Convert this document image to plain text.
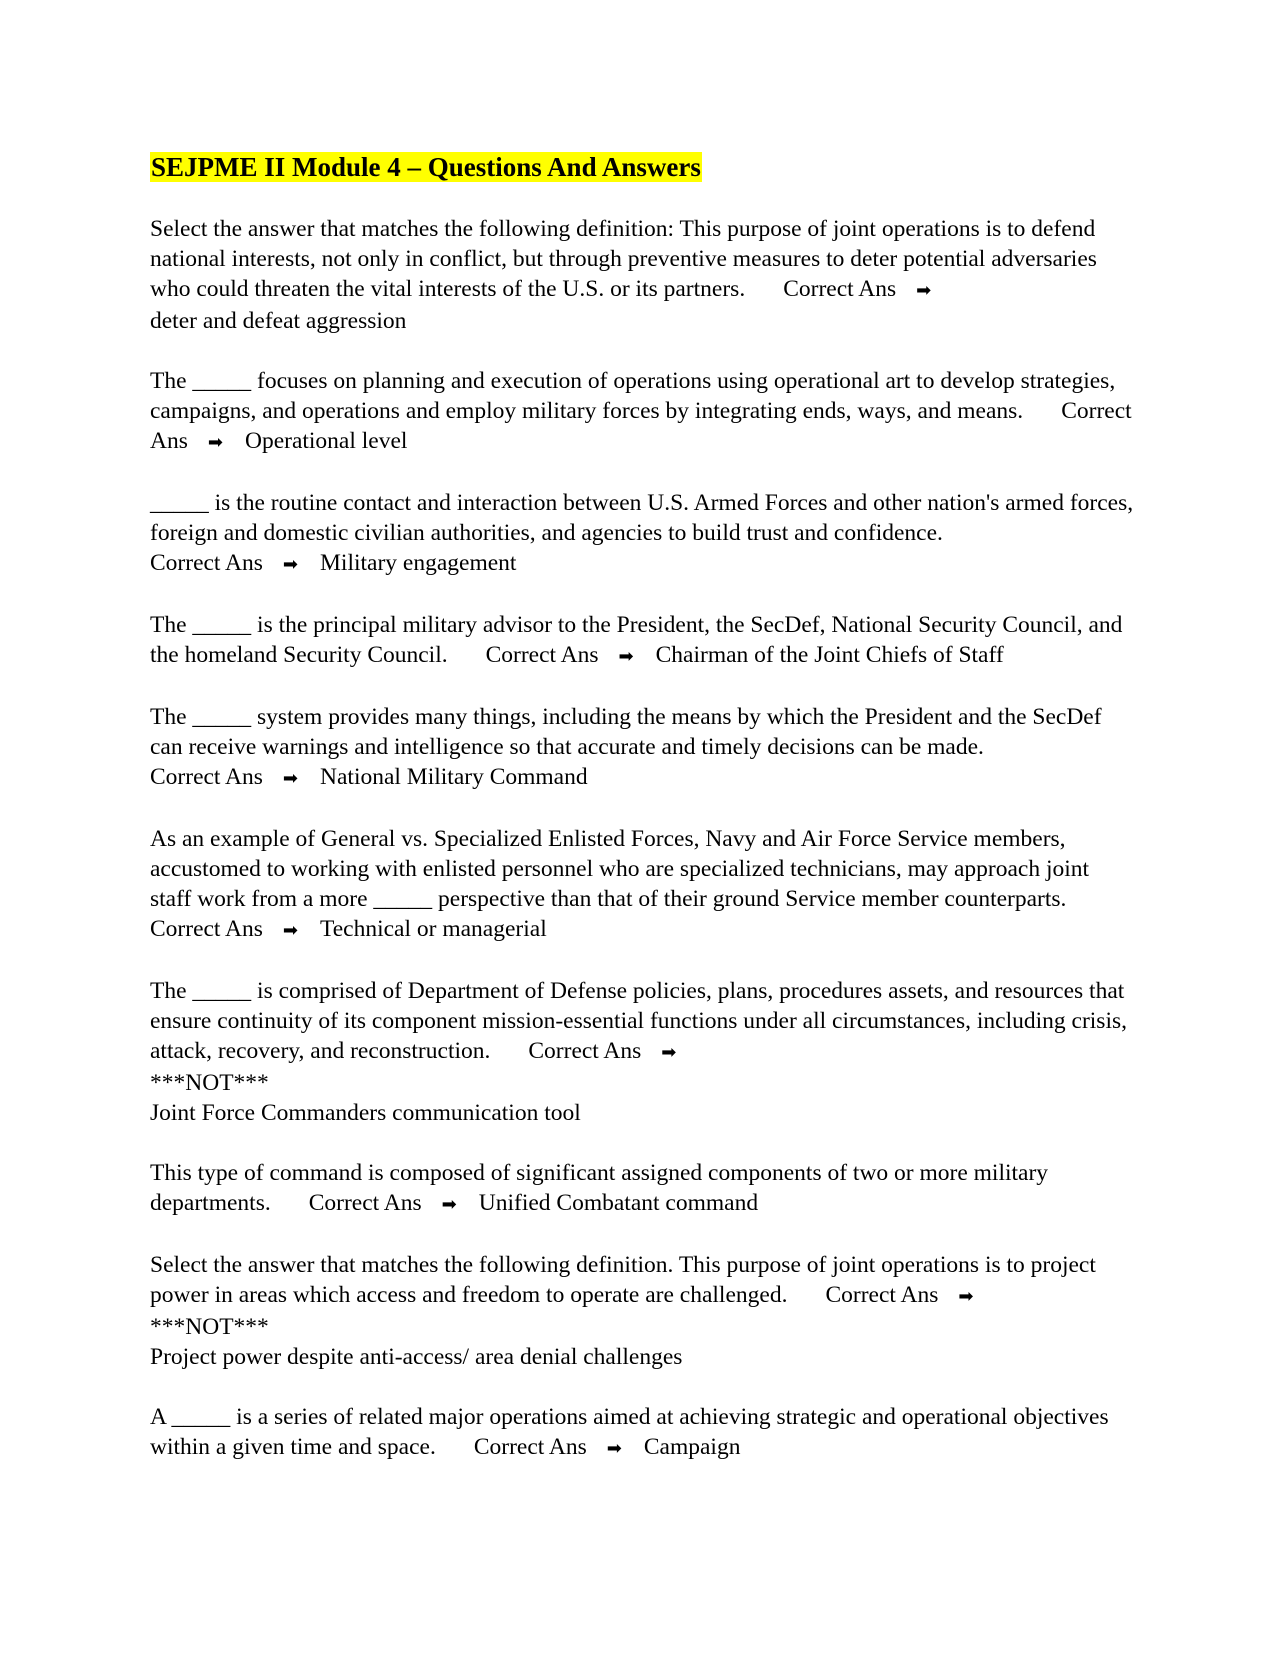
SEJPME II Module 4 – Questions And Answers
Select the answer that matches the following definition: This purpose of joint operations is to defend national interests, not only in conflict, but through preventive measures to deter potential adversaries who could threaten the vital interests of the U.S. or its partners. Correct Ans ➡
deter and defeat aggression
The _____ focuses on planning and execution of operations using operational art to develop strategies, campaigns, and operations and employ military forces by integrating ends, ways, and means. Correct Ans ➡ Operational level
_____ is the routine contact and interaction between U.S. Armed Forces and other nation's armed forces, foreign and domestic civilian authorities, and agencies to build trust and confidence.
Correct Ans ➡ Military engagement
The _____ is the principal military advisor to the President, the SecDef, National Security Council, and the homeland Security Council. Correct Ans ➡ Chairman of the Joint Chiefs of Staff
The _____ system provides many things, including the means by which the President and the SecDef can receive warnings and intelligence so that accurate and timely decisions can be made.
Correct Ans ➡ National Military Command
As an example of General vs. Specialized Enlisted Forces, Navy and Air Force Service members, accustomed to working with enlisted personnel who are specialized technicians, may approach joint staff work from a more _____ perspective than that of their ground Service member counterparts.Correct Ans ➡ Technical or managerial
The _____ is comprised of Department of Defense policies, plans, procedures assets, and resources that ensure continuity of its component mission-essential functions under all circumstances, including crisis, attack, recovery, and reconstruction. Correct Ans ➡
***NOT***
Joint Force Commanders communication tool
This type of command is composed of significant assigned components of two or more military departments. Correct Ans ➡ Unified Combatant command
Select the answer that matches the following definition. This purpose of joint operations is to project power in areas which access and freedom to operate are challenged. Correct Ans ➡
***NOT***
Project power despite anti-access/ area denial challenges
A _____ is a series of related major operations aimed at achieving strategic and operational objectives within a given time and space. Correct Ans ➡ Campaign
